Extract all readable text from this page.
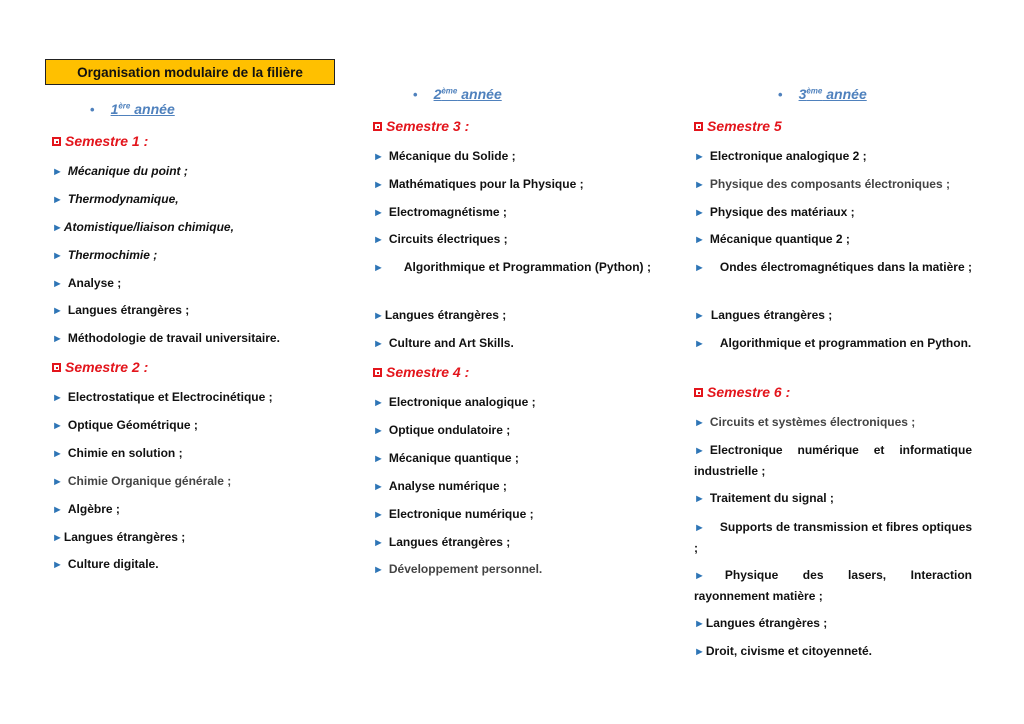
Organisation modulaire de la filière
• 1ère année
Semestre 1 :
► Mécanique du point ;
► Thermodynamique,
►Atomistique/liaison chimique,
► Thermochimie ;
► Analyse ;
► Langues étrangères ;
► Méthodologie de travail universitaire.
Semestre 2 :
► Electrostatique et Electrocinétique ;
► Optique Géométrique ;
► Chimie en solution ;
► Chimie Organique générale ;
► Algèbre ;
►Langues étrangères ;
► Culture digitale.
• 2ème année
Semestre 3 :
► Mécanique du Solide ;
► Mathématiques pour la Physique ;
► Electromagnétisme ;
► Circuits électriques ;
► Algorithmique et Programmation (Python) ;
►Langues étrangères ;
► Culture and Art Skills.
Semestre 4 :
► Electronique analogique ;
► Optique ondulatoire ;
► Mécanique quantique ;
► Analyse numérique ;
► Electronique numérique ;
► Langues étrangères ;
► Développement personnel.
• 3ème année
Semestre 5
► Electronique analogique 2 ;
► Physique des composants électroniques ;
► Physique des matériaux ;
► Mécanique quantique 2 ;
► Ondes électromagnétiques dans la matière ;
► Langues étrangères ;
► Algorithmique et programmation en Python.
Semestre 6 :
► Circuits et systèmes électroniques ;
► Electronique numérique et informatique industrielle ;
► Traitement du signal ;
► Supports de transmission et fibres optiques ;
► Physique des lasers, Interaction rayonnement matière ;
►Langues étrangères ;
►Droit, civisme et citoyenneté.
